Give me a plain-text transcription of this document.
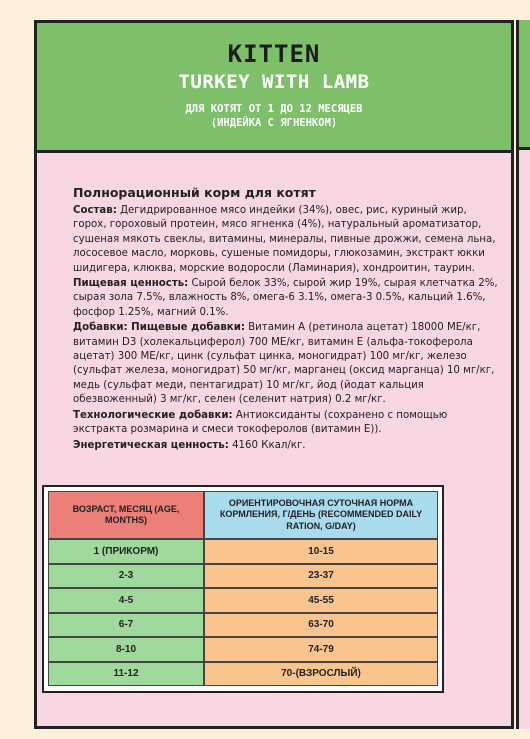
KITTEN
TURKEY WITH LAMB
ДЛЯ КОТЯТ ОТ 1 ДО 12 МЕСЯЦЕВ
(ИНДЕЙКА С ЯГНЕНКОМ)
Полнорационный корм для котят

Состав: Дегидрированное мясо индейки (34%), овес, рис, куриный жир, горох, гороховый протеин, мясо ягненка (4%), натуральный ароматизатор, сушеная мякоть свеклы, витамины, минералы, пивные дрожжи, семена льна, лососевое масло, морковь, сушеные помидоры, глюкозамин, экстракт юкки шидигера, клюква, морские водоросли (Ламинария), хондроитин, таурин.

Пищевая ценность: Сырой белок 33%, сырой жир 19%, сырая клетчатка 2%, сырая зола 7.5%, влажность 8%, омега-6 3.1%, омега-3 0.5%, кальций 1.6%, фосфор 1.25%, магний 0.1%.

Добавки: Пищевые добавки: Витамин А (ретинола ацетат) 18000 МЕ/кг, витамин D3 (холекальциферол) 700 МЕ/кг, витамин Е (альфа-токоферола ацетат) 300 МЕ/кг, цинк (сульфат цинка, моногидрат) 100 мг/кг, железо (сульфат железа, моногидрат) 50 мг/кг, марганец (оксид марганца) 10 мг/кг, медь (сульфат меди, пентагидрат) 10 мг/кг, йод (йодат кальция обезвоженный) 3 мг/кг, селен (селенит натрия) 0.2 мг/кг.

Технологические добавки: Антиоксиданты (сохранено с помощью экстракта розмарина и смеси токоферолов (витамин Е)).

Энергетическая ценность: 4160 Ккал/кг.

ВОЗРАСТ, МЕСЯЦ (AGE, MONTHS)	ОРИЕНТИРОВОЧНАЯ СУТОЧНАЯ НОРМА КОРМЛЕНИЯ, Г/ДЕНЬ (RECOMMENDED DAILY RATION, G/DAY)

1 (ПРИКОРМ)	10-15
2-3	23-37
4-5	45-55
6-7	63-70
8-10	74-79
11-12	70-(ВЗРОСЛЫЙ)
